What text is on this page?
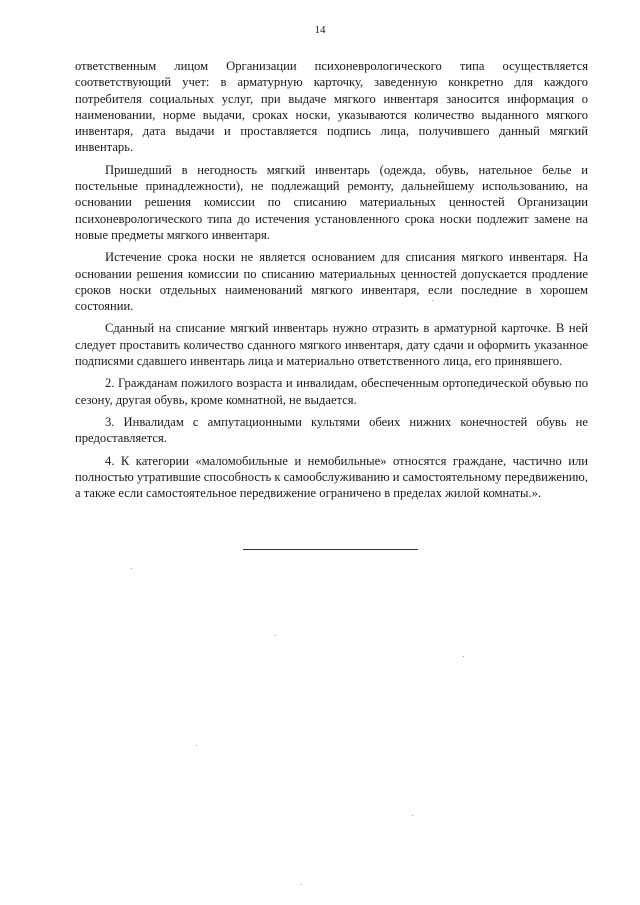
14

ответственным лицом Организации психоневрологического типа осуществляется соответствующий учет: в арматурную карточку, заведенную конкретно для каждого потребителя социальных услуг, при выдаче мягкого инвентаря заносится информация о наименовании, норме выдачи, сроках носки, указываются количество выданного мягкого инвентаря, дата выдачи и проставляется подпись лица, получившего данный мягкий инвентарь.

Пришедший в негодность мягкий инвентарь (одежда, обувь, нательное белье и постельные принадлежности), не подлежащий ремонту, дальнейшему использованию, на основании решения комиссии по списанию материальных ценностей Организации психоневрологического типа до истечения установленного срока носки подлежит замене на новые предметы мягкого инвентаря.

Истечение срока носки не является основанием для списания мягкого инвентаря. На основании решения комиссии по списанию материальных ценностей допускается продление сроков носки отдельных наименований мягкого инвентаря, если последние в хорошем состоянии.

Сданный на списание мягкий инвентарь нужно отразить в арматурной карточке. В ней следует проставить количество сданного мягкого инвентаря, дату сдачи и оформить указанное подписями сдавшего инвентарь лица и материально ответственного лица, его принявшего.

2. Гражданам пожилого возраста и инвалидам, обеспеченным ортопедической обувью по сезону, другая обувь, кроме комнатной, не выдается.

3. Инвалидам с ампутационными культями обеих нижних конечностей обувь не предоставляется.

4. К категории «маломобильные и немобильные» относятся граждане, частично или полностью утратившие способность к самообслуживанию и самостоятельному передвижению, а также если самостоятельное передвижение ограничено в пределах жилой комнаты.».
